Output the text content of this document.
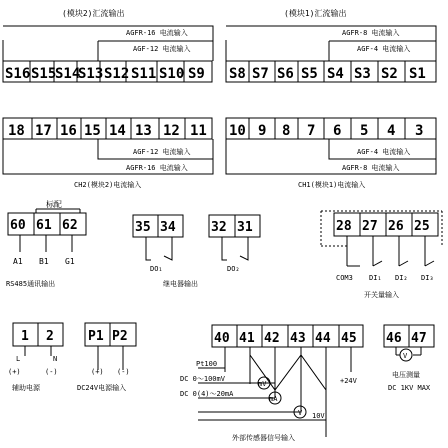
(模块2)汇流输出
AGFR-16 电流输入
AGF-12 电流输入
S16 S15
S14
S13 S12 S11 S10 S9
18 17 16 15 14 13 12 11
AGF-12 电流输入
AGFR-16 电流输入
CH2(模块2)电流输入
(模块1)汇流输出
AGFR-8 电流输入
AGF-4 电流输入
S8 S7 S6 S5 S4 S3 S2 S1
10 9 8 7 6 5 4 3
AGF-4 电流输入
AGFR-8 电流输入
CH1(模块1)电流输入
标配
60 61 62
A1 B1 G1
RS485通讯输出
35 34	32 31
DO₁	DO₂
继电器输出
28 27 26 25
COM3 DI₁ DI₂ DI₃
开关量输入
1 2
L	N
(+)	(-)
辅助电源
P1 P2
(+) (-)
DC24V电源输入
40 41 42 43 44 45
Pt100
DC 0～100mV
DC 0(4)～20mA
mV
mA
V 10V
+24V
外部传感器信号输入
46 47
V
电压测量
DC 1KV MAX
